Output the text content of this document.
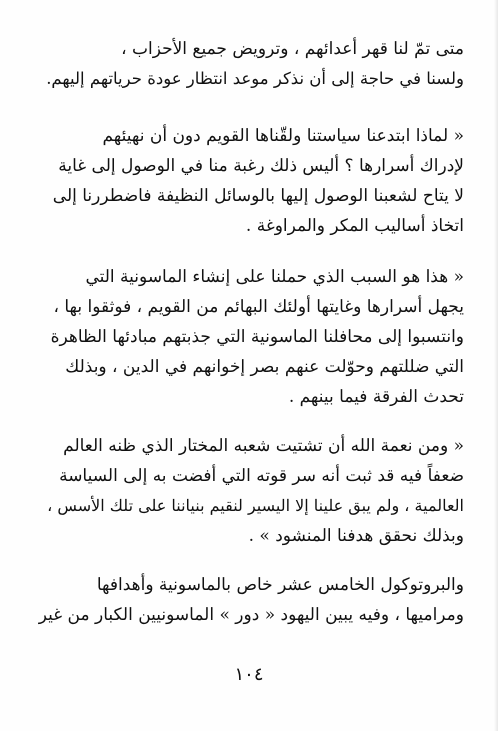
متى تمّ لنا قهر أعدائهم ، وترويض جميع الأحزاب ،
ولسنا في حاجة إلى أن نذكر موعد انتظار عودة حرياتهم إليهم.
« لماذا ابتدعنا سياستنا ولقّناها القويم دون أن نهيئهم
لإدراك أسرارها ؟ أليس ذلك رغبة منا في الوصول إلى غاية
لا يتاح لشعبنا الوصول إليها بالوسائل النظيفة فاضطررنا إلى
اتخاذ أساليب المكر والمراوغة .
« هذا هو السبب الذي حملنا على إنشاء الماسونية التي
يجهل أسرارها وغايتها أولئك البهائم من القويم ، فوثقوا بها ،
وانتسبوا إلى محافلنا الماسونية التي جذبتهم مبادئها الظاهرة
التي ضللتهم وحوّلت عنهم بصر إخوانهم في الدين ، وبذلك
تحدث الفرقة فيما بينهم .
« ومن نعمة الله أن تشتيت شعبه المختار الذي ظنه العالم
ضعفاً فيه قد ثبت أنه سر قوته التي أفضت به إلى السياسة
العالمية ، ولم يبق علينا إلا اليسير لنقيم بنياننا على تلك الأسس ،
وبذلك نحقق هدفنا المنشود » .
والبروتوكول الخامس عشر خاص بالماسونية وأهدافها
ومراميها ، وفيه يبين اليهود « دور » الماسونيين الكبار من غير
١٠٤
